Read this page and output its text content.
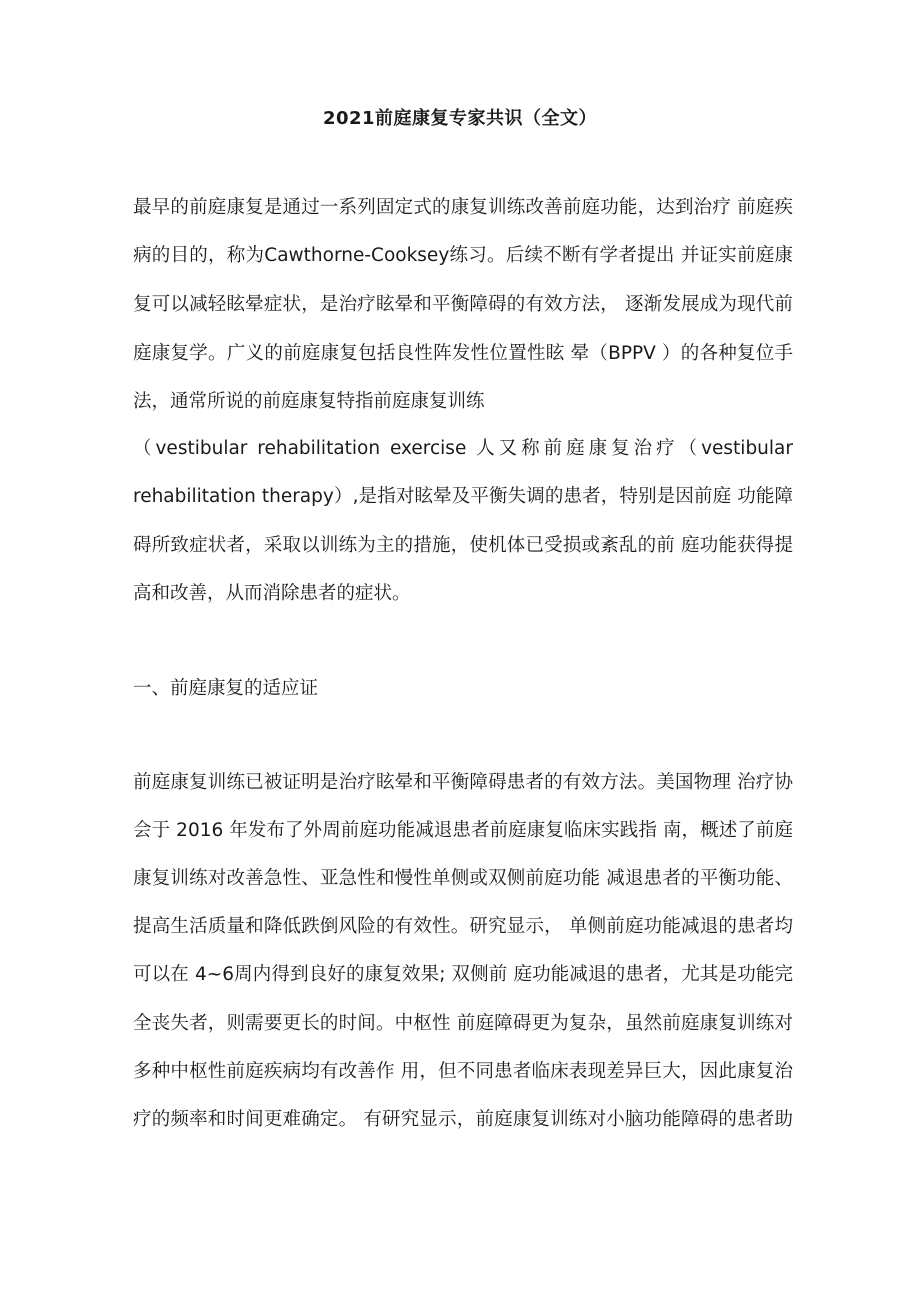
2021前庭康复专家共识（全文）
最早的前庭康复是通过一系列固定式的康复训练改善前庭功能，达到治疗 前庭疾
病的目的，称为Cawthorne-Cooksey练习。后续不断有学者提出 并证实前庭康
复可以减轻眩晕症状，是治疗眩晕和平衡障碍的有效方法， 逐渐发展成为现代前
庭康复学。广义的前庭康复包括良性阵发性位置性眩 晕（BPPV ）的各种复位手
法，通常所说的前庭康复特指前庭康复训练
（vestibular rehabilitation exercise 人又称前庭康复治疗（vestibular
rehabilitation therapy）,是指对眩晕及平衡失调的患者，特别是因前庭 功能障
碍所致症状者，采取以训练为主的措施，使机体已受损或紊乱的前 庭功能获得提
高和改善，从而消除患者的症状。
一、前庭康复的适应证
前庭康复训练已被证明是治疗眩晕和平衡障碍患者的有效方法。美国物理 治疗协
会于 2016 年发布了外周前庭功能减退患者前庭康复临床实践指 南，概述了前庭
康复训练对改善急性、亚急性和慢性单侧或双侧前庭功能 减退患者的平衡功能、
提高生活质量和降低跌倒风险的有效性。研究显示， 单侧前庭功能减退的患者均
可以在 4~6周内得到良好的康复效果; 双侧前 庭功能减退的患者，尤其是功能完
全丧失者，则需要更长的时间。中枢性 前庭障碍更为复杂，虽然前庭康复训练对
多种中枢性前庭疾病均有改善作 用，但不同患者临床表现差异巨大，因此康复治
疗的频率和时间更难确定。 有研究显示，前庭康复训练对小脑功能障碍的患者助
